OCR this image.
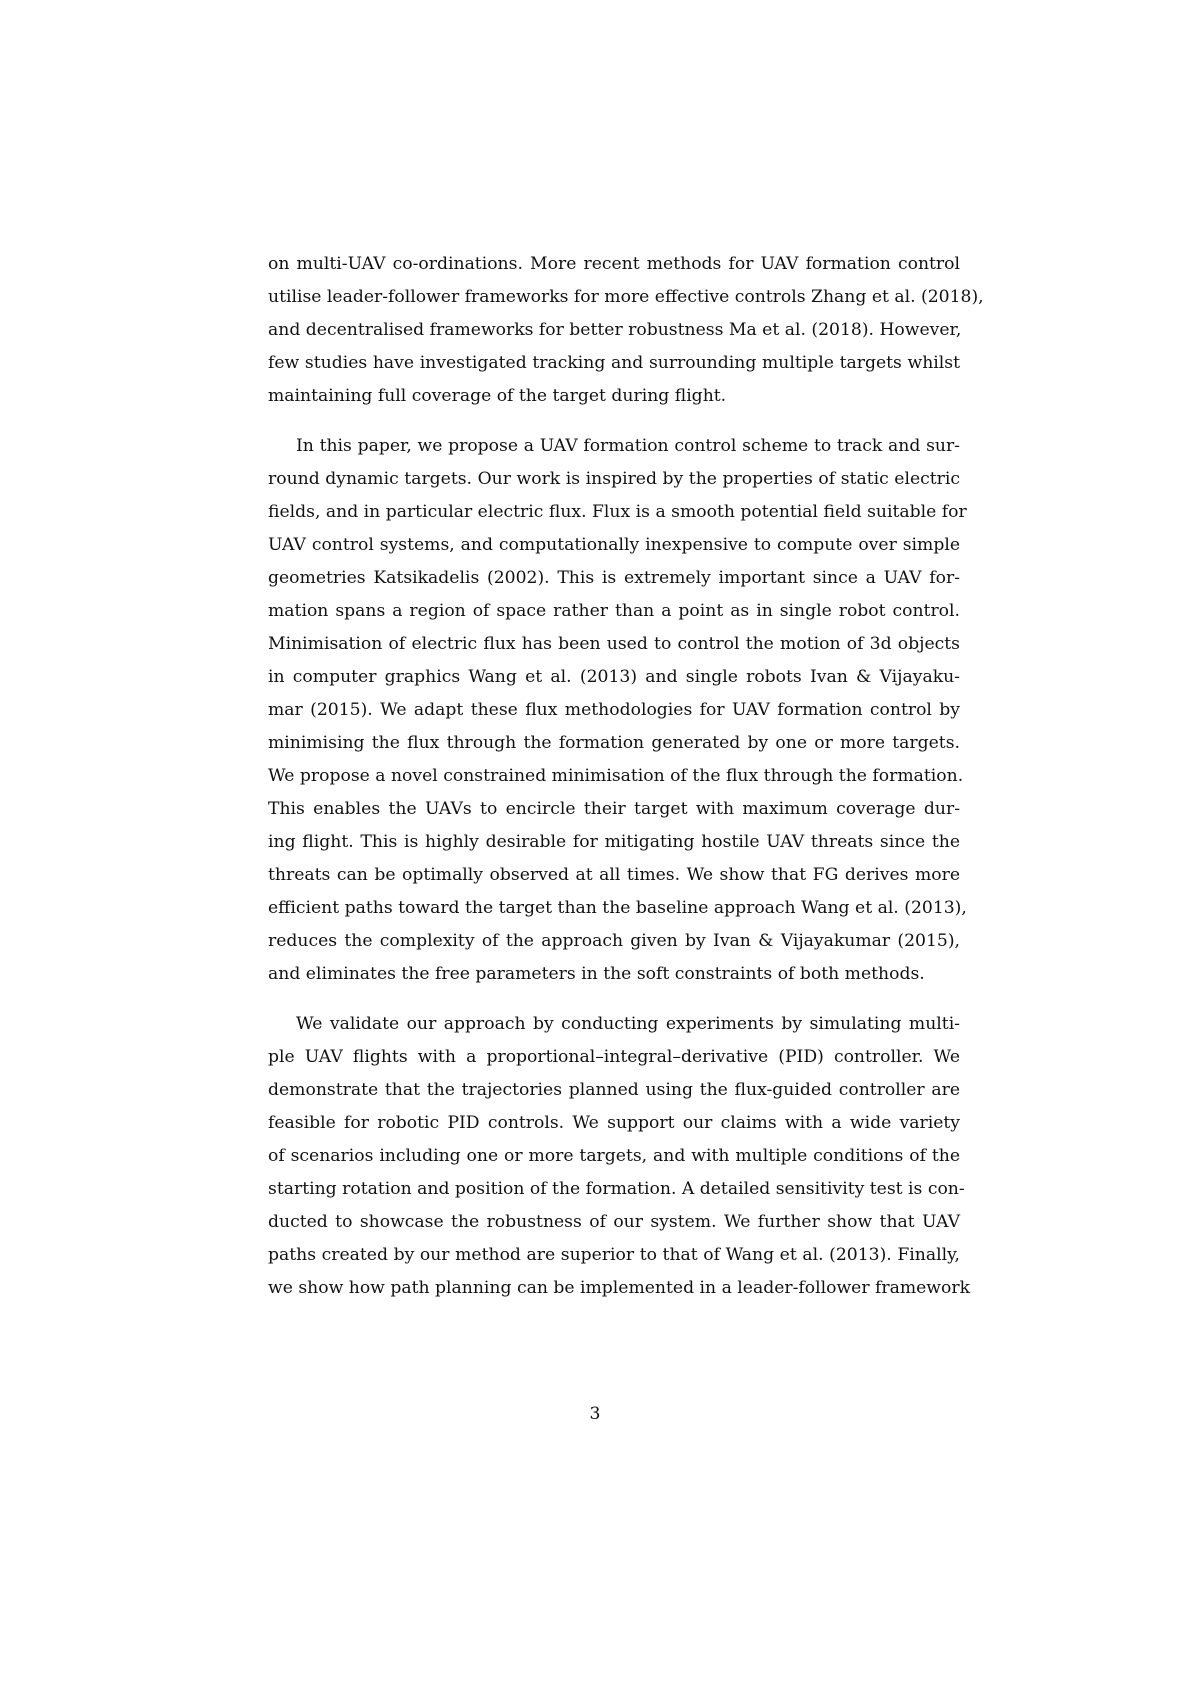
on multi-UAV co-ordinations. More recent methods for UAV formation control
utilise leader-follower frameworks for more effective controls Zhang et al. (2018),
and decentralised frameworks for better robustness Ma et al. (2018). However,
few studies have investigated tracking and surrounding multiple targets whilst
maintaining full coverage of the target during flight.
In this paper, we propose a UAV formation control scheme to track and sur-
round dynamic targets. Our work is inspired by the properties of static electric
fields, and in particular electric flux. Flux is a smooth potential field suitable for
UAV control systems, and computationally inexpensive to compute over simple
geometries Katsikadelis (2002). This is extremely important since a UAV for-
mation spans a region of space rather than a point as in single robot control.
Minimisation of electric flux has been used to control the motion of 3d objects
in computer graphics Wang et al. (2013) and single robots Ivan & Vijayaku-
mar (2015). We adapt these flux methodologies for UAV formation control by
minimising the flux through the formation generated by one or more targets.
We propose a novel constrained minimisation of the flux through the formation.
This enables the UAVs to encircle their target with maximum coverage dur-
ing flight. This is highly desirable for mitigating hostile UAV threats since the
threats can be optimally observed at all times. We show that FG derives more
efficient paths toward the target than the baseline approach Wang et al. (2013),
reduces the complexity of the approach given by Ivan & Vijayakumar (2015),
and eliminates the free parameters in the soft constraints of both methods.
We validate our approach by conducting experiments by simulating multi-
ple UAV flights with a proportional–integral–derivative (PID) controller. We
demonstrate that the trajectories planned using the flux-guided controller are
feasible for robotic PID controls. We support our claims with a wide variety
of scenarios including one or more targets, and with multiple conditions of the
starting rotation and position of the formation. A detailed sensitivity test is con-
ducted to showcase the robustness of our system. We further show that UAV
paths created by our method are superior to that of Wang et al. (2013). Finally,
we show how path planning can be implemented in a leader-follower framework
3
